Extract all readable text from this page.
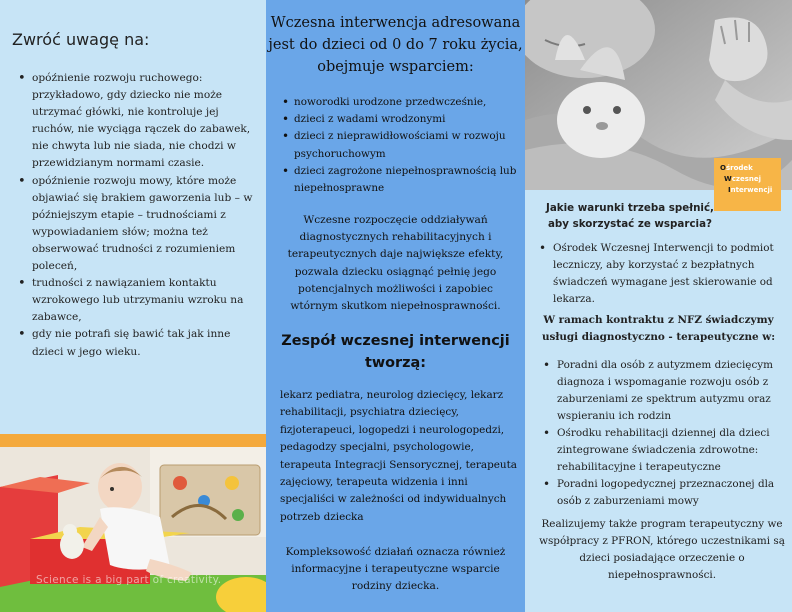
Zwróć uwagę na:
• opóźnienie rozwoju ruchowego: przykładowo, gdy dziecko nie może utrzymać główki, nie kontroluje jej ruchów, nie wyciąga rączek do zabawek, nie chwyta lub nie siada, nie chodzi w przewidzianym normami czasie.
• opóźnienie rozwoju mowy, które może objawiać się brakiem gaworzenia lub – w późniejszym etapie – trudnościami z wypowiadaniem słów; można też obserwować trudności z rozumieniem poleceń,
• trudności z nawiązaniem kontaktu wzrokowego lub utrzymaniu wzroku na zabawce,
• gdy nie potrafi się bawić tak jak inne dzieci w jego wieku.
Science is a big part of creativity.
Wczesna interwencja adresowana jest do dzieci od 0 do 7 roku życia, obejmuje wsparciem:
• noworodki urodzone przedwcześnie,
• dzieci z wadami wrodzonymi
• dzieci z nieprawidłowościami w rozwoju psychoruchowym
• dzieci zagrożone niepełnosprawnością lub niepełnosprawne

Wczesne rozpoczęcie oddziaływań diagnostycznych rehabilitacyjnych i terapeutycznych daje największe efekty, pozwala dziecku osiągnąć pełnię jego potencjalnych możliwości i zapobiec wtórnym skutkom niepełnosprawności.

Zespół wczesnej interwencji tworzą:

lekarz pediatra, neurolog dziecięcy, lekarz rehabilitacji, psychiatra dziecięcy, fizjoterapeuci, logopedzi i neurologopedzi, pedagodzy specjalni, psychologowie, terapeuta Integracji Sensorycznej, terapeuta zajęciowy, terapeuta widzenia i inni specjaliści w zależności od indywidualnych potrzeb dziecka

Kompleksowość działań oznacza również informacyjne i terapeutyczne wsparcie rodziny dziecka.

Ośrodek
Wczesnej
Interwencji

Jakie warunki trzeba spełnić, aby skorzystać ze wsparcia?

• Ośrodek Wczesnej Interwencji to podmiot leczniczy, aby korzystać z bezpłatnych świadczeń wymagane jest skierowanie od lekarza.

W ramach kontraktu z NFZ świadczymy usługi diagnostyczno - terapeutyczne w:

• Poradni dla osób z autyzmem dziecięcym diagnoza i wspomaganie rozwoju osób z zaburzeniami ze spektrum autyzmu oraz wspieraniu ich rodzin
• Ośrodku rehabilitacji dziennej dla dzieci zintegrowane świadczenia zdrowotne: rehabilitacyjne i terapeutyczne
• Poradni logopedycznej przeznaczonej dla osób z zaburzeniami mowy

Realizujemy także program terapeutyczny we współpracy z PFRON, którego uczestnikami są dzieci posiadające orzeczenie o niepełnosprawności.
